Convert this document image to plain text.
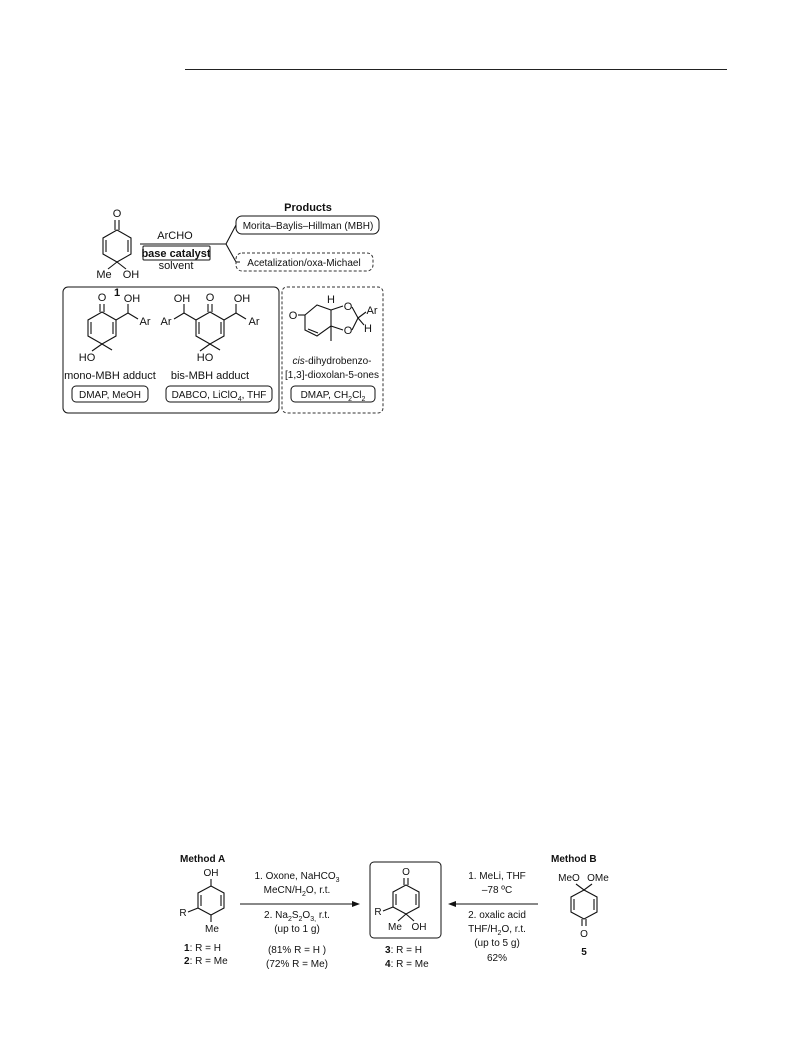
O
Me OH
1
ArCHO
base catalyst
solvent
Products
Morita–Baylis–Hillman (MBH)
Acetalization/oxa-Michael
O OH
Ar
HO
mono-MBH adduct
DMAP, MeOH
O
OH
Ar
OH
Ar
HO
bis-MBH adduct
DABCO, LiClO$_4$, THF
O
H
O
O
Ar
H
cis-dihydrobenzo-
[1,3]-dioxolan-5-ones
DMAP, $CH_2Cl_2$
Method A	Method B
OH
R
Me
1: R = H
2: R = Me
1. Oxone, NaHCO$_3$
MeCN/$H_2O$, r.t.
2. $Na_2S_2O_{3,}$ r.t.
(up to 1 g)
(81% R = H )
(72% R = Me)
O
R
Me OH
3: R = H
4: R = Me
1. MeLi, THF
–78 ºC
2. oxalic acid
THF/$H_2O$, r.t.
(up to 5 g)
62%
MeO OMe
O
5
